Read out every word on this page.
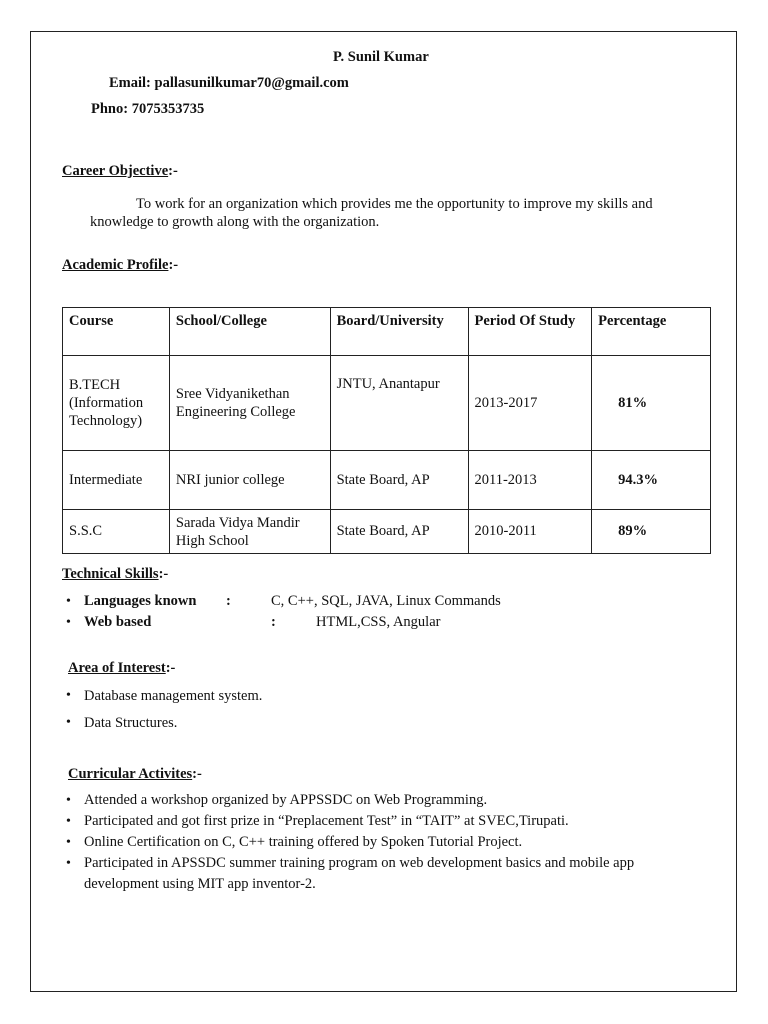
P. Sunil Kumar
Email: pallasunilkumar70@gmail.com
Phno: 7075353735
Career Objective:-
To work for an organization which provides me the opportunity to improve my skills and knowledge to growth along with the organization.
Academic Profile:-
Course	School/College	Board/University	Period Of Study	Percentage
B.TECH (Information Technology)	Sree Vidyanikethan Engineering College	JNTU, Anantapur	2013-2017	81%
Intermediate	NRI junior college	State Board, AP	2011-2013	94.3%
S.S.C	Sarada Vidya Mandir High School	State Board, AP	2010-2011	89%
Technical Skills:-
• Languages known :	C, C++, SQL, JAVA, Linux Commands
• Web based	:	HTML,CSS, Angular
Area of Interest:-
• Database management system.
• Data Structures.
Curricular Activites:-
• Attended a workshop organized by APPSSDC on Web Programming.
• Participated and got first prize in “Preplacement Test” in “TAIT” at SVEC,Tirupati.
• Online Certification on C, C++ training offered by Spoken Tutorial Project.
• Participated in APSSDC summer training program on web development basics and mobile app development using MIT app inventor-2.
